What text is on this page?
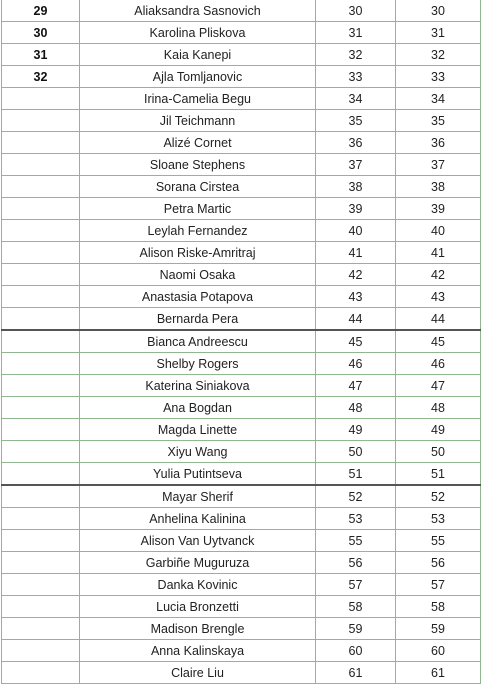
29	Aliaksandra Sasnovich	30	30
30	Karolina Pliskova	31	31
31	Kaia Kanepi	32	32
32	Ajla Tomljanovic	33	33
	Irina-Camelia Begu	34	34
	Jil Teichmann	35	35
	Alizé Cornet	36	36
	Sloane Stephens	37	37
	Sorana Cirstea	38	38
	Petra Martic	39	39
	Leylah Fernandez	40	40
	Alison Riske-Amritraj	41	41
	Naomi Osaka	42	42
	Anastasia Potapova	43	43
	Bernarda Pera	44	44
	Bianca Andreescu	45	45
	Shelby Rogers	46	46
	Katerina Siniakova	47	47
	Ana Bogdan	48	48
	Magda Linette	49	49
	Xiyu Wang	50	50
	Yulia Putintseva	51	51
	Mayar Sherif	52	52
	Anhelina Kalinina	53	53
	Alison Van Uytvanck	55	55
	Garbiñe Muguruza	56	56
	Danka Kovinic	57	57
	Lucia Bronzetti	58	58
	Madison Brengle	59	59
	Anna Kalinskaya	60	60
	Claire Liu	61	61
